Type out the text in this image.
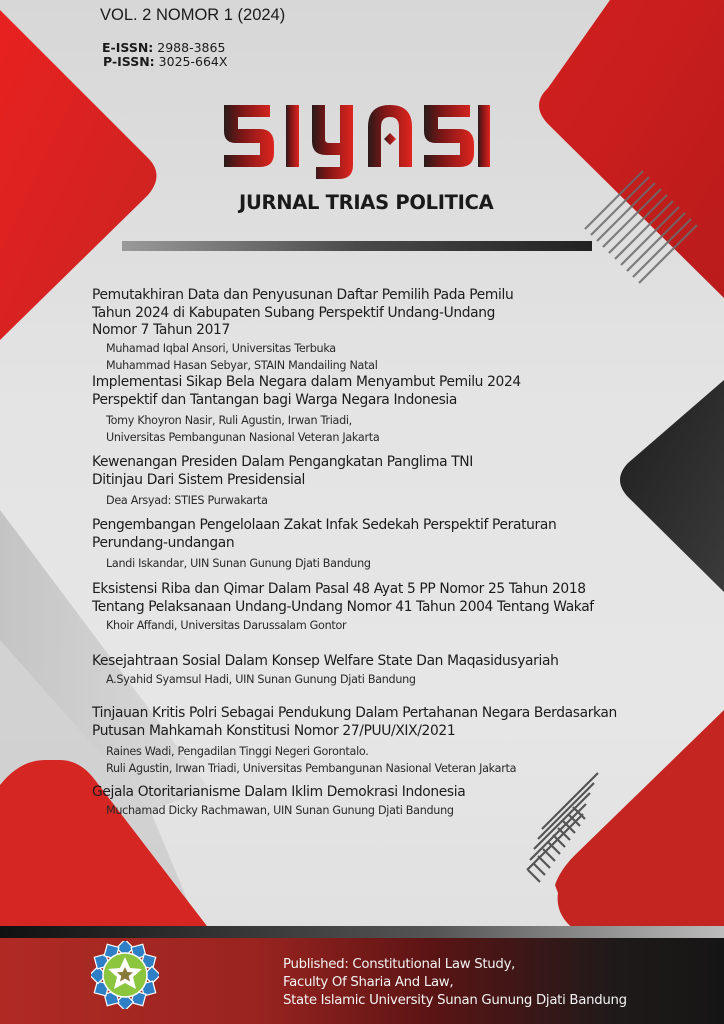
VOL. 2 NOMOR 1 (2024)
E-ISSN: 2988-3865
P-ISSN: 3025-664X
JURNAL TRIAS POLITICA
Pemutakhiran Data dan Penyusunan Daftar Pemilih Pada Pemilu
Tahun 2024 di Kabupaten Subang Perspektif Undang-Undang
Nomor 7 Tahun 2017
Muhamad Iqbal Ansori, Universitas Terbuka
Muhammad Hasan Sebyar, STAIN Mandailing Natal
Implementasi Sikap Bela Negara dalam Menyambut Pemilu 2024
Perspektif dan Tantangan bagi Warga Negara Indonesia
Tomy Khoyron Nasir, Ruli Agustin, Irwan Triadi,
Universitas Pembangunan Nasional Veteran Jakarta
Kewenangan Presiden Dalam Pengangkatan Panglima TNI
Ditinjau Dari Sistem Presidensial
Dea Arsyad: STIES Purwakarta
Pengembangan Pengelolaan Zakat Infak Sedekah Perspektif Peraturan
Perundang-undangan
Landi Iskandar, UIN Sunan Gunung Djati Bandung
Eksistensi Riba dan Qimar Dalam Pasal 48 Ayat 5 PP Nomor 25 Tahun 2018
Tentang Pelaksanaan Undang-Undang Nomor 41 Tahun 2004 Tentang Wakaf
Khoir Affandi, Universitas Darussalam Gontor
Kesejahtraan Sosial Dalam Konsep Welfare State Dan Maqasidusyariah
A.Syahid Syamsul Hadi, UIN Sunan Gunung Djati Bandung
Tinjauan Kritis Polri Sebagai Pendukung Dalam Pertahanan Negara Berdasarkan
Putusan Mahkamah Konstitusi Nomor 27/PUU/XIX/2021
Raines Wadi, Pengadilan Tinggi Negeri Gorontalo.
Ruli Agustin, Irwan Triadi, Universitas Pembangunan Nasional Veteran Jakarta
Gejala Otoritarianisme Dalam Iklim Demokrasi Indonesia
Muchamad Dicky Rachmawan, UIN Sunan Gunung Djati Bandung
Published: Constitutional Law Study,
Faculty Of Sharia And Law,
State Islamic University Sunan Gunung Djati Bandung
